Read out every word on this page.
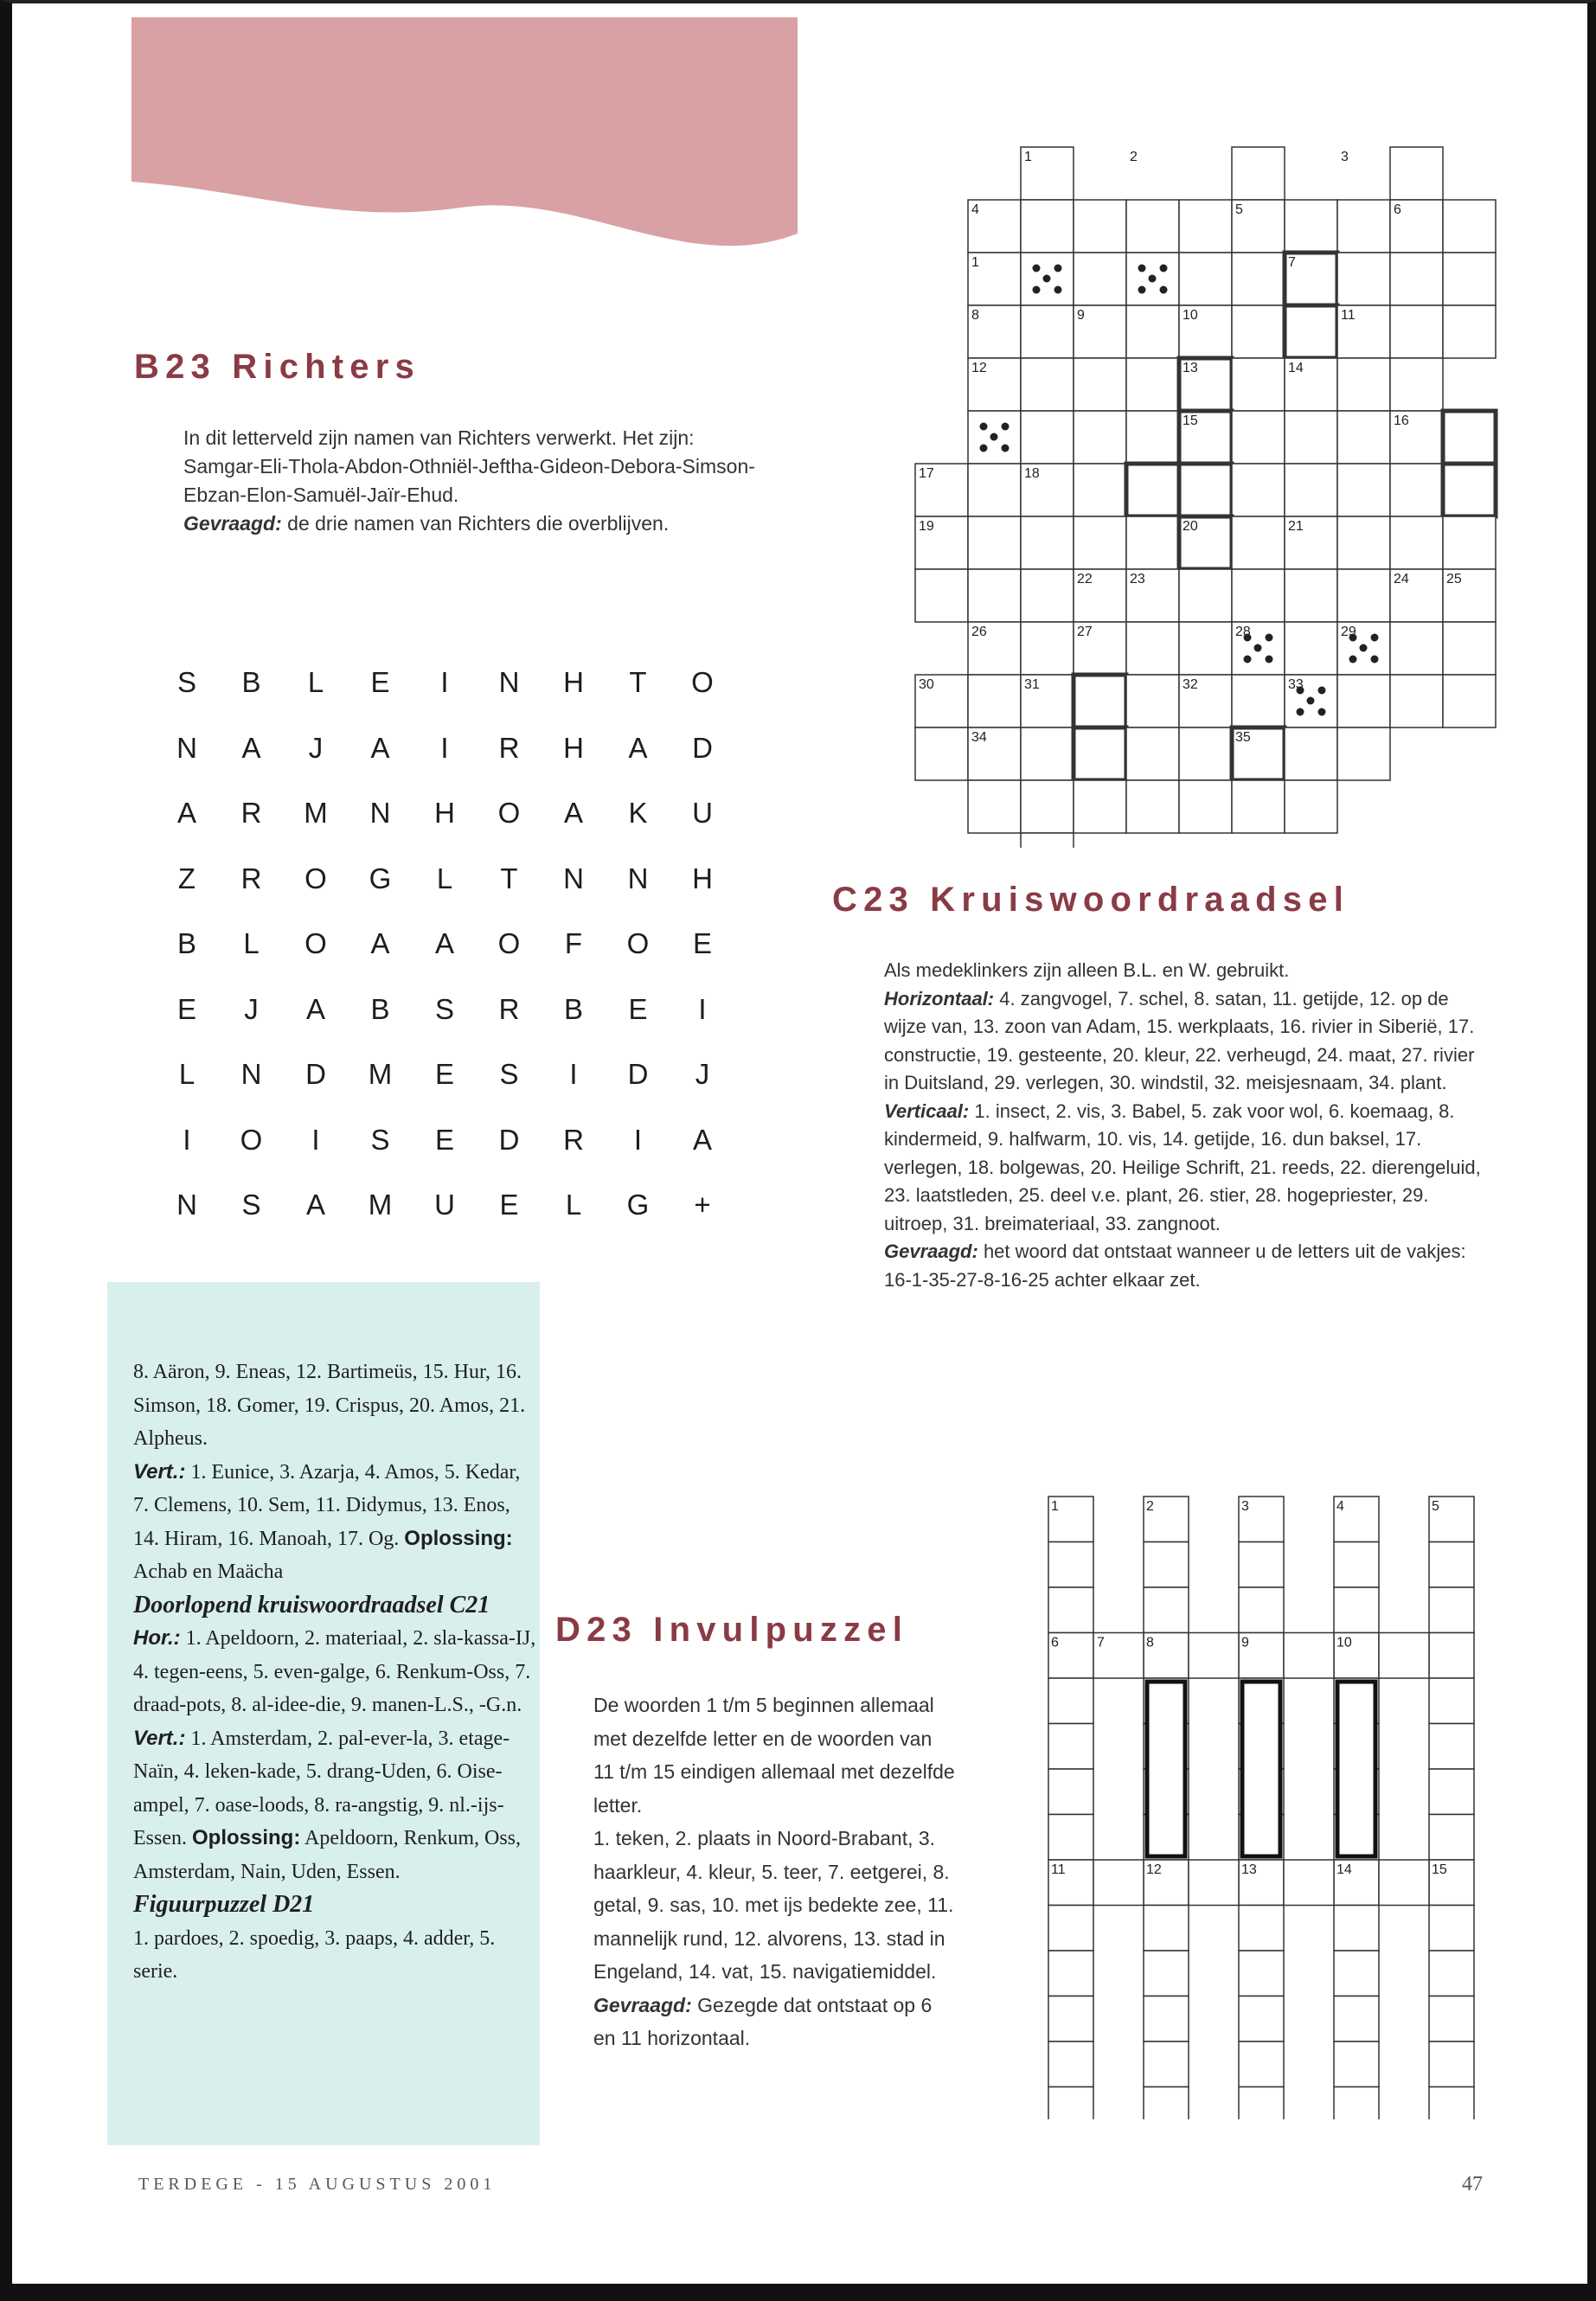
B23 Richters

In dit letterveld zijn namen van Richters verwerkt. Het zijn:

Samgar-Eli-Thola-Abdon-Othniël-Jeftha-Gideon-Debora-Simson-Ebzan-Elon-Samuël-Jaïr-Ehud.

Gevraagd: de drie namen van Richters die overblijven.

S B	L	E	I	N H	T	O
N A	J	A	I	R H A D
A R M N H O A K U
Z	R O G	L	T	N N H
B	L	O A A O	F	O E
E	J	A B S R B E	I
L	N D M E S	I	D	J
I	O	I	S E D R	I	A
N S A M U E	L	G	+

8. Aäron, 9. Eneas, 12. Bartimeüs, 15. Hur, 16. Simson, 18. Gomer, 19. Crispus, 20. Amos, 21. Alpheus.

Vert.: 1. Eunice, 3. Azarja, 4. Amos, 5. Kedar, 7. Clemens, 10. Sem, 11. Didymus, 13. Enos, 14. Hiram, 16. Manoah, 17. Og. Oplossing: Achab en Maächa

Doorlopend kruiswoordraadsel C21

Hor.: 1. Apeldoorn, 2. materiaal, 2. sla-kassa-IJ, 4. tegen-eens, 5. even-galge, 6. Renkum-Oss, 7. draad-pots, 8. al-idee-die, 9. manen-L.S., -G.n.

Vert.: 1. Amsterdam, 2. pal-ever-la, 3. etage-Naïn, 4. leken-kade, 5. drang-Uden, 6. Oise-ampel, 7. oase-loods, 8. ra-angstig, 9. nl.-ijs-Essen. Oplossing: Apeldoorn, Renkum, Oss, Amsterdam, Nain, Uden, Essen.

Figuurpuzzel D21

1. pardoes, 2. spoedig, 3. paaps, 4. adder, 5. serie.

1	2	3
4	5	6
1	7
8	9	10	11
12	13	14
15	16
17	18
19	20	21
22	23	24	25
26	27	28	29
30	31	32	33
34	35
C23 Kruiswoordraadsel

Als medeklinkers zijn alleen B.L. en W. gebruikt.

Horizontaal: 4. zangvogel, 7. schel, 8. satan, 11. getijde, 12. op de wijze van, 13. zoon van Adam, 15. werkplaats, 16. rivier in Siberië, 17. constructie, 19. gesteente, 20. kleur, 22. verheugd, 24. maat, 27. rivier in Duitsland, 29. verlegen, 30. windstil, 32. meisjesnaam, 34. plant.

Verticaal: 1. insect, 2. vis, 3. Babel, 5. zak voor wol, 6. koemaag, 8. kindermeid, 9. halfwarm, 10. vis, 14. getijde, 16. dun baksel, 17. verlegen, 18. bolgewas, 20. Heilige Schrift, 21. reeds, 22. dierengeluid, 23. laatstleden, 25. deel v.e. plant, 26. stier, 28. hogepriester, 29. uitroep, 31. breimateriaal, 33. zangnoot.

Gevraagd: het woord dat ontstaat wanneer u de letters uit de vakjes: 16-1-35-27-8-16-25 achter elkaar zet.

D23 Invulpuzzel

De woorden 1 t/m 5 beginnen allemaal met dezelfde letter en de woorden van 11 t/m 15 eindigen allemaal met dezelfde letter.

1. teken, 2. plaats in Noord-Brabant, 3. haarkleur, 4. kleur, 5. teer, 7. eetgerei, 8. getal, 9. sas, 10. met ijs bedekte zee, 11. mannelijk rund, 12. alvorens, 13. stad in Engeland, 14. vat, 15. navigatiemiddel.

Gevraagd: Gezegde dat ontstaat op 6 en 11 horizontaal.

1	2	3	4	5
6	7	8	9	10
11	12	13	14	15

TERDEGE - 15 AUGUSTUS 2001	47
